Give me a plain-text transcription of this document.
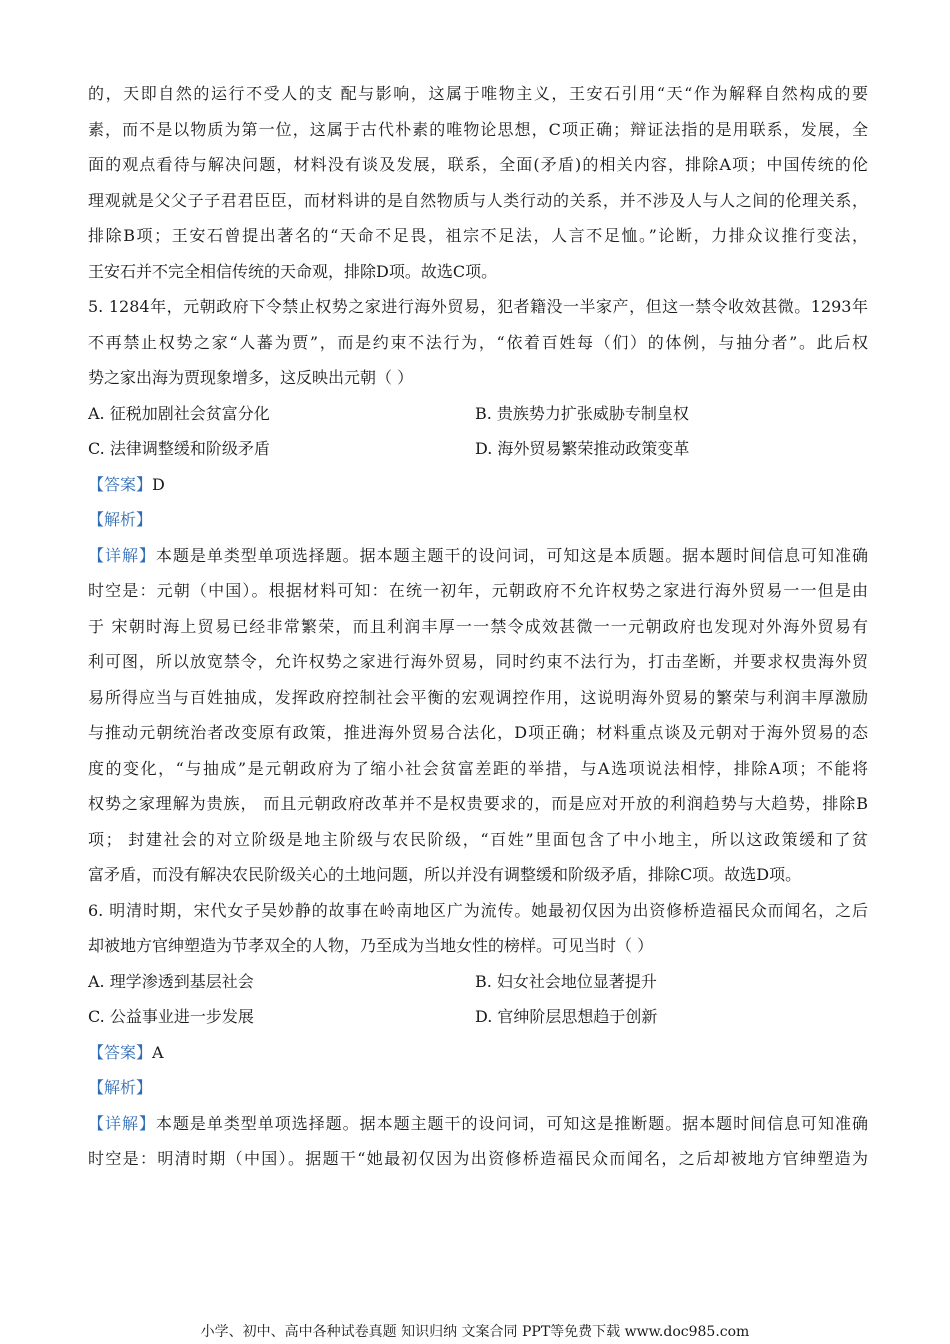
的，天即自然的运行不受人的支 配与影响，这属于唯物主义，王安石引用“天“作为解释自然构成的要
素，而不是以物质为第一位，这属于古代朴素的唯物论思想，C项正确；辩证法指的是用联系，发展，全
面的观点看待与解决问题，材料没有谈及发展，联系，全面(矛盾)的相关内容，排除A项；中国传统的伦
理观就是父父子子君君臣臣，而材料讲的是自然物质与人类行动的关系，并不涉及人与人之间的伦理关系，
排除B项；王安石曾提出著名的“天命不足畏，祖宗不足法，人言不足恤。”论断，力排众议推行变法，
王安石并不完全相信传统的天命观，排除D项。故选C项。
5. 1284年，元朝政府下令禁止权势之家进行海外贸易，犯者籍没一半家产，但这一禁令收效甚微。1293年
不再禁止权势之家“人蕃为贾”，而是约束不法行为，“依着百姓每（们）的体例，与抽分者”。此后权
势之家出海为贾现象增多，这反映出元朝（ ）
A. 征税加剧社会贫富分化	B. 贵族势力扩张威胁专制皇权
C. 法律调整缓和阶级矛盾	D. 海外贸易繁荣推动政策变革
【答案】D
【解析】
【详解】本题是单类型单项选择题。据本题主题干的设问词，可知这是本质题。据本题时间信息可知准确
时空是：元朝（中国）。根据材料可知：在统一初年，元朝政府不允许权势之家进行海外贸易一一但是由
于 宋朝时海上贸易已经非常繁荣，而且利润丰厚一一禁令成效甚微一一元朝政府也发现对外海外贸易有
利可图，所以放宽禁令，允许权势之家进行海外贸易，同时约束不法行为，打击垄断，并要求权贵海外贸
易所得应当与百姓抽成，发挥政府控制社会平衡的宏观调控作用，这说明海外贸易的繁荣与利润丰厚激励
与推动元朝统治者改变原有政策，推进海外贸易合法化，D项正确；材料重点谈及元朝对于海外贸易的态
度的变化，“与抽成”是元朝政府为了缩小社会贫富差距的举措，与A选项说法相悖，排除A项；不能将
权势之家理解为贵族， 而且元朝政府改革并不是权贵要求的，而是应对开放的利润趋势与大趋势，排除B
项； 封建社会的对立阶级是地主阶级与农民阶级，“百姓”里面包含了中小地主，所以这政策缓和了贫
富矛盾，而没有解决农民阶级关心的土地问题，所以并没有调整缓和阶级矛盾，排除C项。故选D项。
6. 明清时期，宋代女子吴妙静的故事在岭南地区广为流传。她最初仅因为出资修桥造福民众而闻名，之后
却被地方官绅塑造为节孝双全的人物，乃至成为当地女性的榜样。可见当时（ ）
A. 理学渗透到基层社会	B. 妇女社会地位显著提升
C. 公益事业进一步发展	D. 官绅阶层思想趋于创新
【答案】A
【解析】
【详解】本题是单类型单项选择题。据本题主题干的设问词，可知这是推断题。据本题时间信息可知准确
时空是：明清时期（中国）。据题干“她最初仅因为出资修桥造福民众而闻名，之后却被地方官绅塑造为
小学、初中、高中各种试卷真题 知识归纳 文案合同 PPT等免费下载 www.doc985.com
